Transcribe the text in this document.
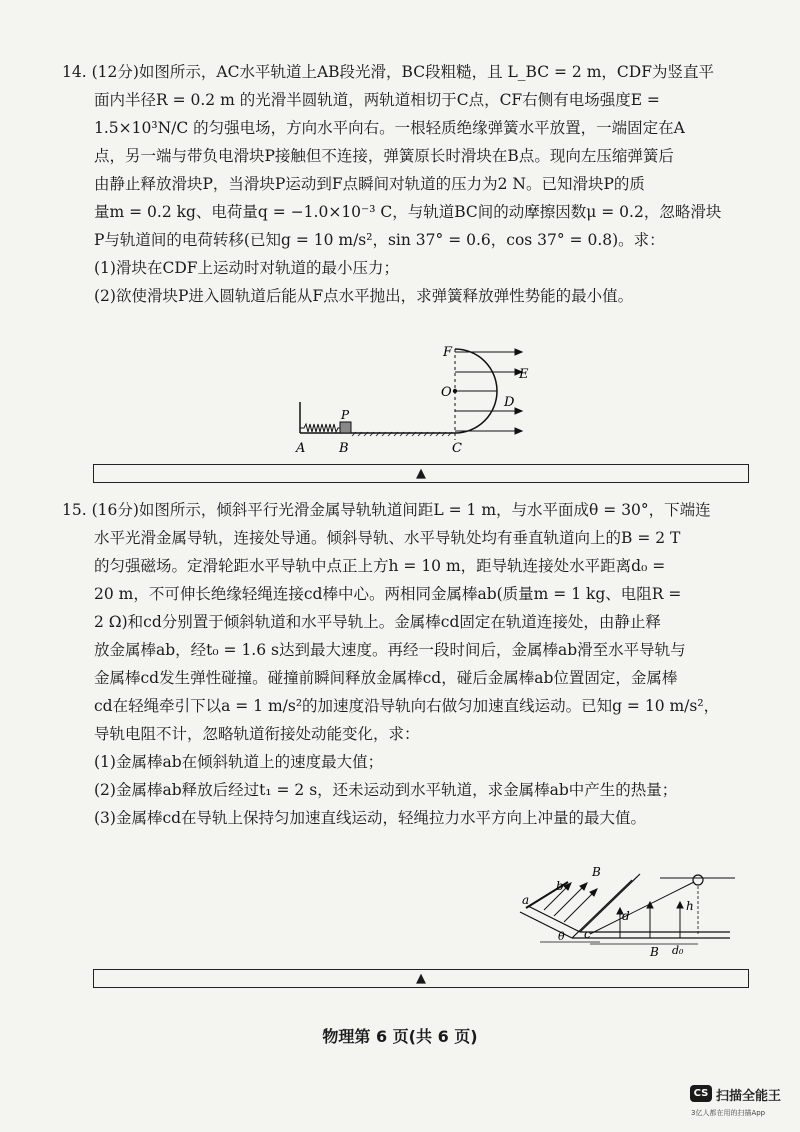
14. (12分)如图所示，AC水平轨道上AB段光滑，BC段粗糙，且 L_BC = 2 m，CDF为竖直平

面内半径R = 0.2 m 的光滑半圆轨道，两轨道相切于C点，CF右侧有电场强度E =

1.5×10³N/C 的匀强电场，方向水平向右。一根轻质绝缘弹簧水平放置，一端固定在A

点，另一端与带负电滑块P接触但不连接，弹簧原长时滑块在B点。现向左压缩弹簧后

由静止释放滑块P，当滑块P运动到F点瞬间对轨道的压力为2 N。已知滑块P的质

量m = 0.2 kg、电荷量q = −1.0×10⁻³ C，与轨道BC间的动摩擦因数μ = 0.2，忽略滑块

P与轨道间的电荷转移(已知g = 10 m/s²，sin 37° = 0.6，cos 37° = 0.8)。求：

(1)滑块在CDF上运动时对轨道的最小压力；

(2)欲使滑块P进入圆轨道后能从F点水平抛出，求弹簧释放弹性势能的最小值。

F
O
E
D
P
A	B	C
▲

15. (16分)如图所示，倾斜平行光滑金属导轨轨道间距L = 1 m，与水平面成θ = 30°，下端连

水平光滑金属导轨，连接处导通。倾斜导轨、水平导轨处均有垂直轨道向上的B = 2 T

的匀强磁场。定滑轮距水平导轨中点正上方h = 10 m，距导轨连接处水平距离d₀ =

20 m，不可伸长绝缘轻绳连接cd棒中心。两相同金属棒ab(质量m = 1 kg、电阻R =

2 Ω)和cd分别置于倾斜轨道和水平导轨上。金属棒cd固定在轨道连接处，由静止释

放金属棒ab，经t₀ = 1.6 s达到最大速度。再经一段时间后，金属棒ab滑至水平导轨与

金属棒cd发生弹性碰撞。碰撞前瞬间释放金属棒cd，碰后金属棒ab位置固定，金属棒

cd在轻绳牵引下以a = 1 m/s²的加速度沿导轨向右做匀加速直线运动。已知g = 10 m/s²，

导轨电阻不计，忽略轨道衔接处动能变化，求：

(1)金属棒ab在倾斜轨道上的速度最大值；

(2)金属棒ab释放后经过t₁ = 2 s，还未运动到水平轨道，求金属棒ab中产生的热量；

(3)金属棒cd在导轨上保持匀加速直线运动，轻绳拉力水平方向上冲量的最大值。

a
b
B
c
d
h
d₀
θ
B
▲
物理第 6 页(共 6 页)
CS 扫描全能王
3亿人都在用的扫描App
